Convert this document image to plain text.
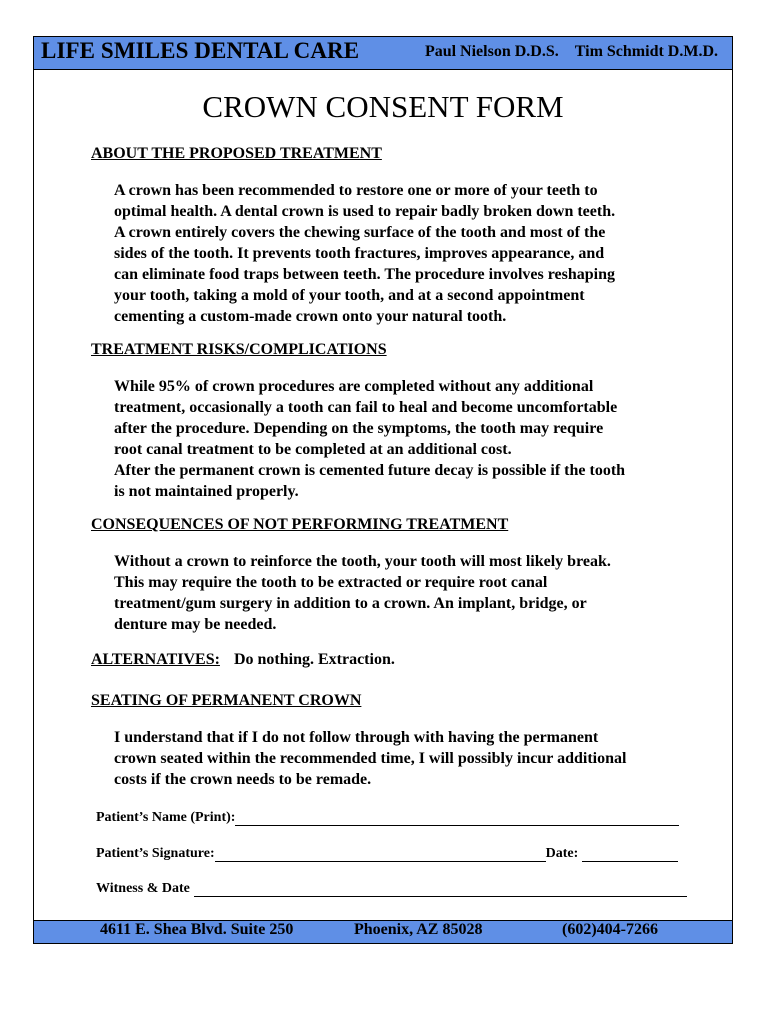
LIFE SMILES DENTAL CARE	Paul Nielson D.D.S. Tim Schmidt D.M.D.
CROWN CONSENT FORM
ABOUT THE PROPOSED TREATMENT
A crown has been recommended to restore one or more of your teeth to
optimal health. A dental crown is used to repair badly broken down teeth.
A crown entirely covers the chewing surface of the tooth and most of the
sides of the tooth. It prevents tooth fractures, improves appearance, and
can eliminate food traps between teeth. The procedure involves reshaping
your tooth, taking a mold of your tooth, and at a second appointment
cementing a custom-made crown onto your natural tooth.
TREATMENT RISKS/COMPLICATIONS
While 95% of crown procedures are completed without any additional
treatment, occasionally a tooth can fail to heal and become uncomfortable
after the procedure. Depending on the symptoms, the tooth may require
root canal treatment to be completed at an additional cost.
After the permanent crown is cemented future decay is possible if the tooth
is not maintained properly.
CONSEQUENCES OF NOT PERFORMING TREATMENT
Without a crown to reinforce the tooth, your tooth will most likely break.
This may require the tooth to be extracted or require root canal
treatment/gum surgery in addition to a crown. An implant, bridge, or
denture may be needed.
ALTERNATIVES: Do nothing. Extraction.
SEATING OF PERMANENT CROWN
I understand that if I do not follow through with having the permanent
crown seated within the recommended time, I will possibly incur additional
costs if the crown needs to be remade.
Patient’s Name (Print):
Patient’s Signature:	Date:
Witness & Date
4611 E. Shea Blvd. Suite 250	Phoenix, AZ 85028	(602)404-7266
